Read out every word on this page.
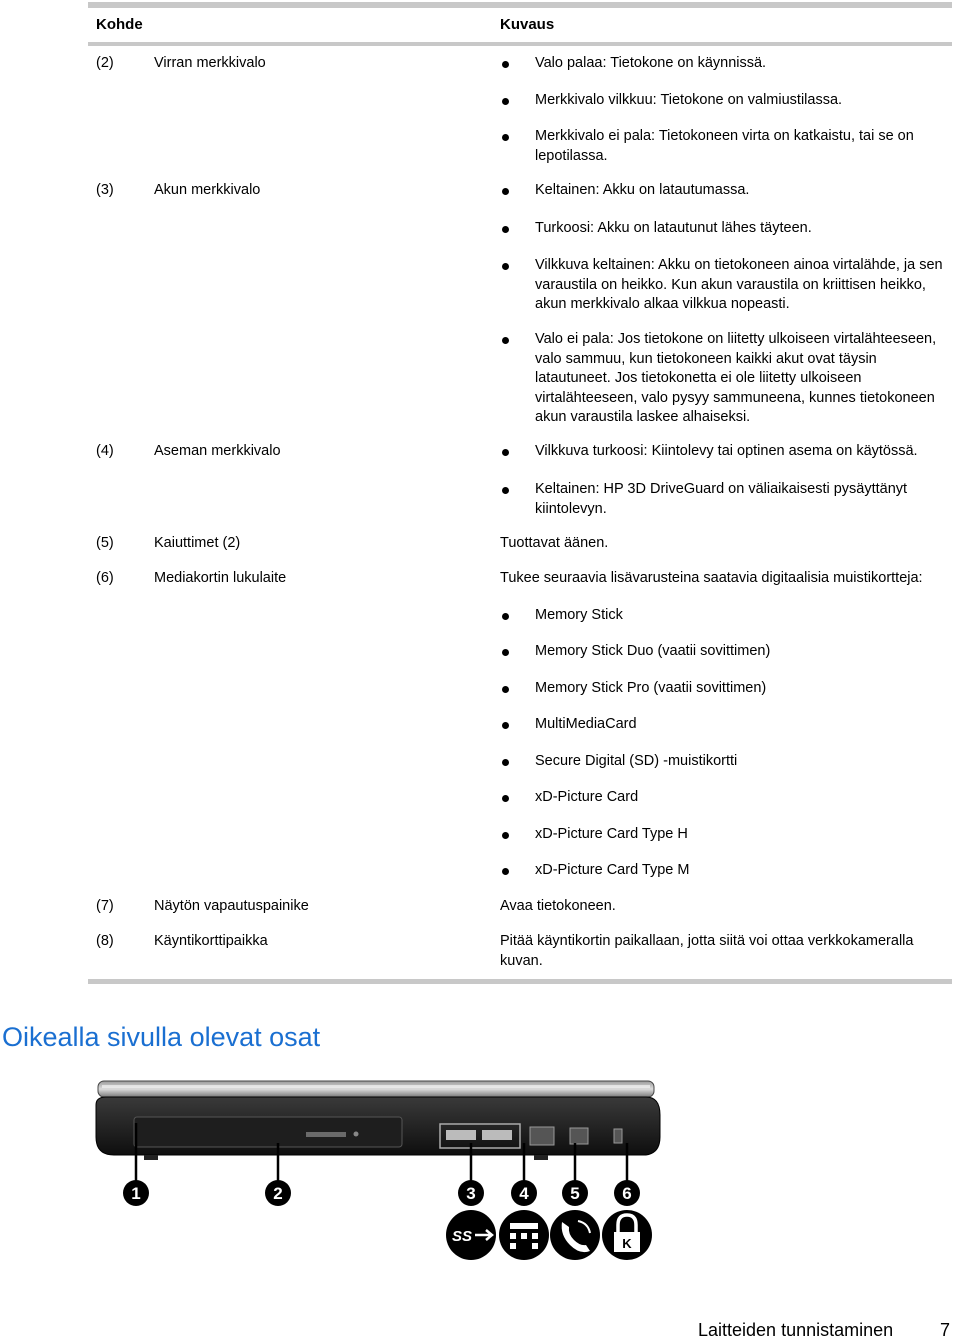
Kohde	Kuvaus
(2)	Virran merkkivalo	Valo palaa: Tietokone on käynnissä.
Merkkivalo vilkkuu: Tietokone on valmiustilassa.
Merkkivalo ei pala: Tietokoneen virta on katkaistu, tai se on lepotilassa.
(3)	Akun merkkivalo	Keltainen: Akku on latautumassa.
Turkoosi: Akku on latautunut lähes täyteen.
Vilkkuva keltainen: Akku on tietokoneen ainoa virtalähde, ja sen varaustila on heikko. Kun akun varaustila on kriittisen heikko, akun merkkivalo alkaa vilkkua nopeasti.
Valo ei pala: Jos tietokone on liitetty ulkoiseen virtalähteeseen, valo sammuu, kun tietokoneen kaikki akut ovat täysin latautuneet. Jos tietokonetta ei ole liitetty ulkoiseen virtalähteeseen, valo pysyy sammuneena, kunnes tietokoneen akun varaustila laskee alhaiseksi.
(4)	Aseman merkkivalo	Vilkkuva turkoosi: Kiintolevy tai optinen asema on käytössä.
Keltainen: HP 3D DriveGuard on väliaikaisesti pysäyttänyt kiintolevyn.
(5)	Kaiuttimet (2)	Tuottavat äänen.
(6)	Mediakortin lukulaite	Tukee seuraavia lisävarusteina saatavia digitaalisia muistikortteja:
Memory Stick
Memory Stick Duo (vaatii sovittimen)
Memory Stick Pro (vaatii sovittimen)
MultiMediaCard
Secure Digital (SD) -muistikortti
xD-Picture Card
xD-Picture Card Type H
xD-Picture Card Type M
(7)	Näytön vapautuspainike	Avaa tietokoneen.
(8)	Käyntikorttipaikka	Pitää käyntikortin paikallaan, jotta siitä voi ottaa verkkokameralla kuvan.
Oikealla sivulla olevat osat
1	2	3	4 5	6
SS	K
Laitteiden tunnistaminen	7
